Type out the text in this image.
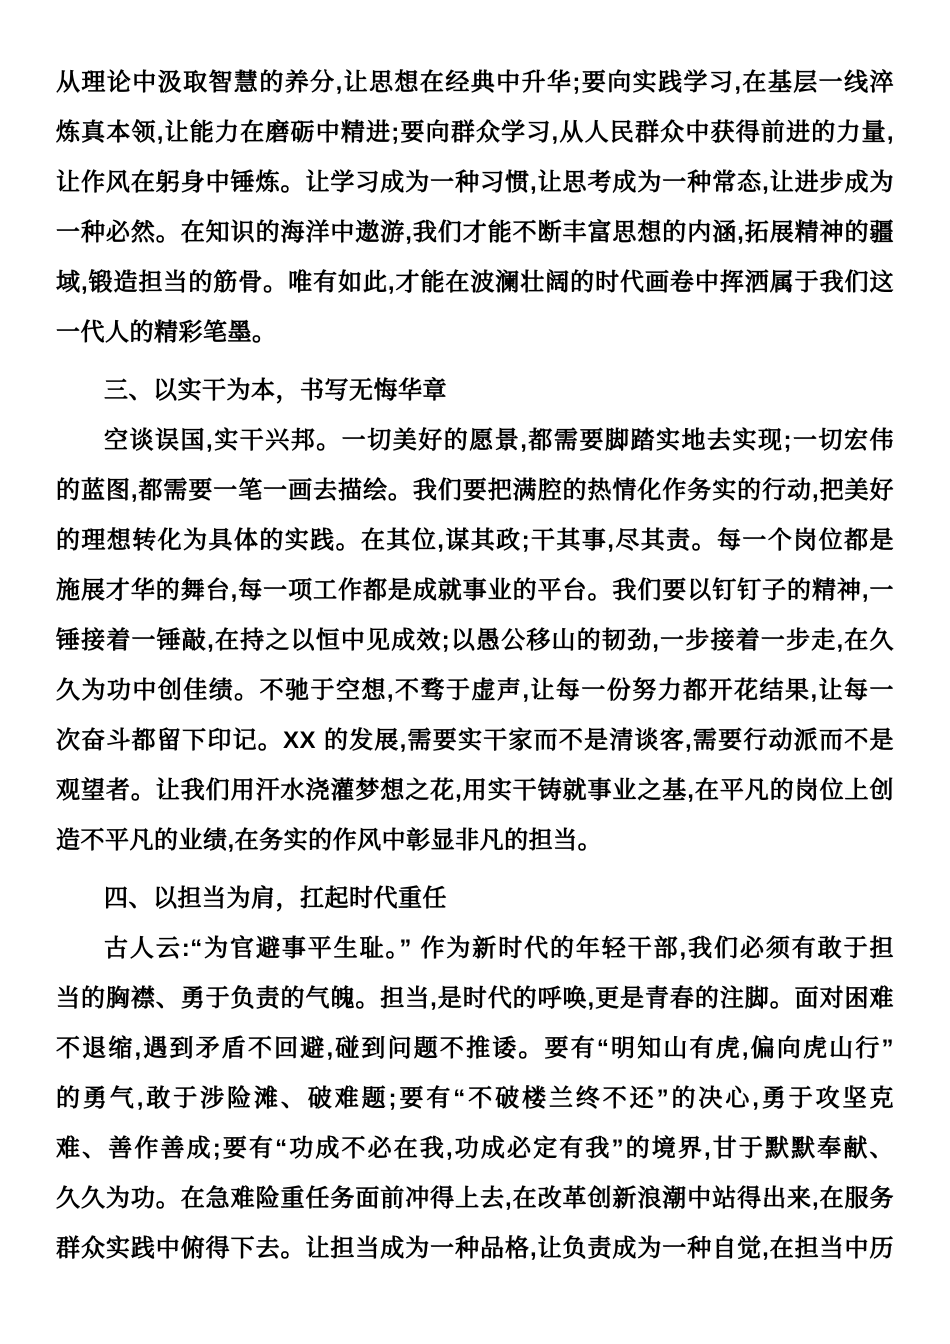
从理论中汲取智慧的养分,让思想在经典中升华;要向实践学习,在基层一线淬
炼真本领,让能力在磨砺中精进;要向群众学习,从人民群众中获得前进的力量,
让作风在躬身中锤炼。让学习成为一种习惯,让思考成为一种常态,让进步成为
一种必然。在知识的海洋中遨游,我们才能不断丰富思想的内涵,拓展精神的疆
域,锻造担当的筋骨。唯有如此,才能在波澜壮阔的时代画卷中挥洒属于我们这
一代人的精彩笔墨。
三、以实干为本，书写无悔华章
空谈误国,实干兴邦。一切美好的愿景,都需要脚踏实地去实现;一切宏伟
的蓝图,都需要一笔一画去描绘。我们要把满腔的热情化作务实的行动,把美好
的理想转化为具体的实践。在其位,谋其政;干其事,尽其责。每一个岗位都是
施展才华的舞台,每一项工作都是成就事业的平台。我们要以钉钉子的精神,一
锤接着一锤敲,在持之以恒中见成效;以愚公移山的韧劲,一步接着一步走,在久
久为功中创佳绩。不驰于空想,不骛于虚声,让每一份努力都开花结果,让每一
次奋斗都留下印记。XX 的发展,需要实干家而不是清谈客,需要行动派而不是
观望者。让我们用汗水浇灌梦想之花,用实干铸就事业之基,在平凡的岗位上创
造不平凡的业绩,在务实的作风中彰显非凡的担当。
四、以担当为肩，扛起时代重任
古人云:“为官避事平生耻。” 作为新时代的年轻干部,我们必须有敢于担
当的胸襟、勇于负责的气魄。担当,是时代的呼唤,更是青春的注脚。面对困难
不退缩,遇到矛盾不回避,碰到问题不推诿。要有“明知山有虎,偏向虎山行”
的勇气,敢于涉险滩、破难题;要有“不破楼兰终不还”的决心,勇于攻坚克
难、善作善成;要有“功成不必在我,功成必定有我”的境界,甘于默默奉献、
久久为功。在急难险重任务面前冲得上去,在改革创新浪潮中站得出来,在服务
群众实践中俯得下去。让担当成为一种品格,让负责成为一种自觉,在担当中历
